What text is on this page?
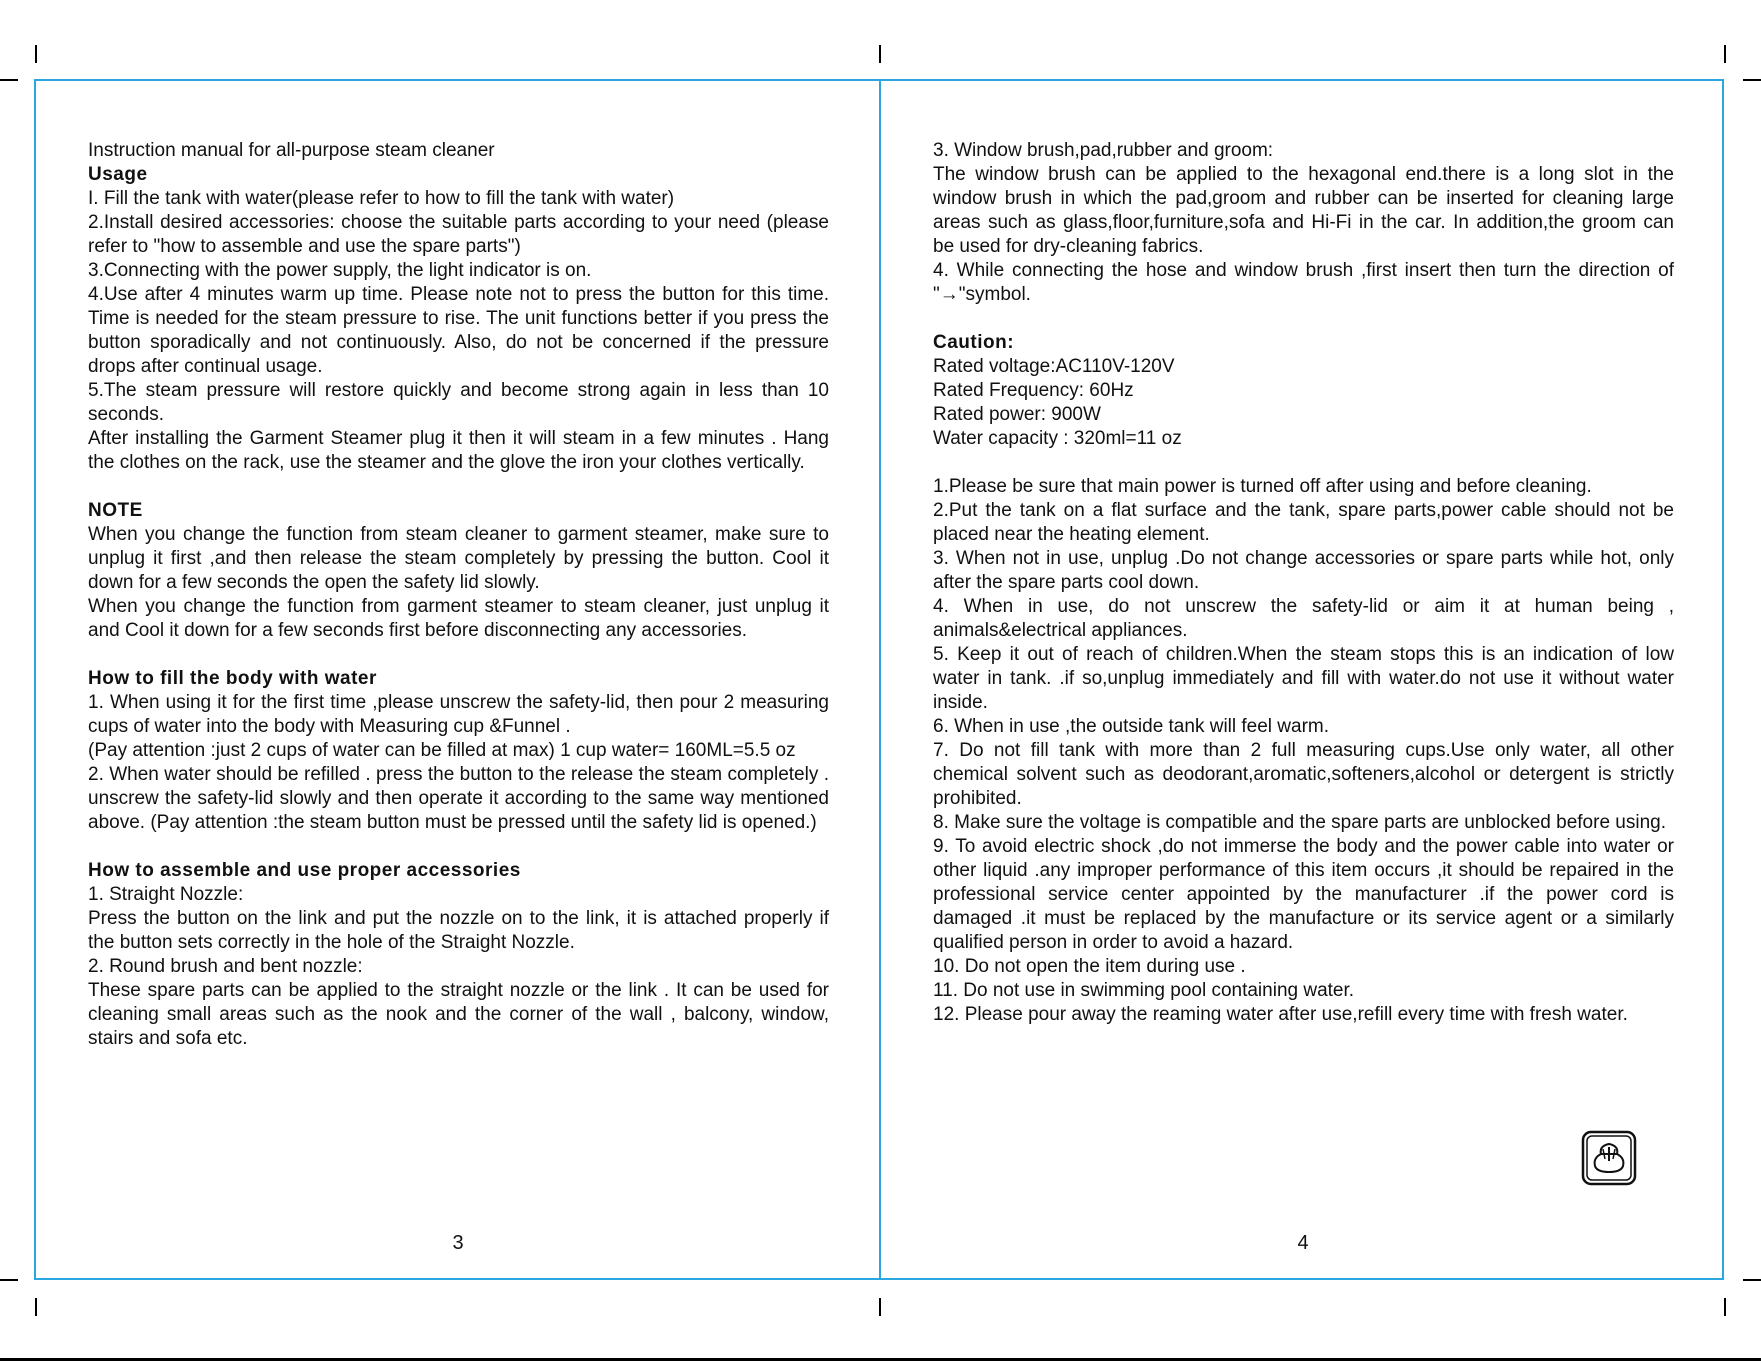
Instruction manual for all-purpose steam cleaner

Usage

I. Fill the tank with water(please refer to how to fill the tank with water)

2.Install desired accessories: choose the suitable parts according to your need (please refer to "how to assemble and use the spare parts")

3.Connecting with the power supply, the light indicator is on.

4.Use after 4 minutes warm up time. Please note not to press the button for this time. Time is needed for the steam pressure to rise. The unit functions better if you press the button sporadically and not continuously. Also, do not be concerned if the pressure drops after continual usage.

5.The steam pressure will restore quickly and become strong again in less than 10 seconds.

After installing the Garment Steamer plug it then it will steam in a few minutes . Hang the clothes on the rack, use the steamer and the glove the iron your clothes vertically.

NOTE

When you change the function from steam cleaner to garment steamer, make sure to unplug it first ,and then release the steam completely by pressing the button. Cool it down for a few seconds the open the safety lid slowly.

When you change the function from garment steamer to steam cleaner, just unplug it and Cool it down for a few seconds first before disconnecting any accessories.

How to fill the body with water

1. When using it for the first time ,please unscrew the safety-lid, then pour 2 measuring cups of water into the body with Measuring cup &Funnel .

(Pay attention :just 2 cups of water can be filled at max) 1 cup water= 160ML=5.5 oz

2. When water should be refilled . press the button to the release the steam completely . unscrew the safety-lid slowly and then operate it according to the same way mentioned above. (Pay attention :the steam button must be pressed until the safety lid is opened.)

How to assemble and use proper accessories

1. Straight Nozzle:

Press the button on the link and put the nozzle on to the link, it is attached properly if the button sets correctly in the hole of the Straight Nozzle.

2. Round brush and bent nozzle:

These spare parts can be applied to the straight nozzle or the link . It can be used for cleaning small areas such as the nook and the corner of the wall , balcony, window, stairs and sofa etc.

3

3. Window brush,pad,rubber and groom:

The window brush can be applied to the hexagonal end.there is a long slot in the window brush in which the pad,groom and rubber can be inserted for cleaning large areas such as glass,floor,furniture,sofa and Hi-Fi in the car. In addition,the groom can be used for dry-cleaning fabrics.

4. While connecting the hose and window brush ,first insert then turn the direction of "→"symbol.

Caution:

Rated voltage:AC110V-120V

Rated Frequency: 60Hz

Rated power: 900W

Water capacity : 320ml=11 oz

1.Please be sure that main power is turned off after using and before cleaning.

2.Put the tank on a flat surface and the tank, spare parts,power cable should not be placed near the heating element.

3. When not in use, unplug .Do not change accessories or spare parts while hot, only after the spare parts cool down.

4. When in use, do not unscrew the safety-lid or aim it at human being , animals&electrical appliances.

5. Keep it out of reach of children.When the steam stops this is an indication of low water in tank. .if so,unplug immediately and fill with water.do not use it without water inside.

6. When in use ,the outside tank will feel warm.

7. Do not fill tank with more than 2 full measuring cups.Use only water, all other chemical solvent such as deodorant,aromatic,softeners,alcohol or detergent is strictly prohibited.

8. Make sure the voltage is compatible and the spare parts are unblocked before using.

9. To avoid electric shock ,do not immerse the body and the power cable into water or other liquid .any improper performance of this item occurs ,it should be repaired in the professional service center appointed by the manufacturer .if the power cord is damaged .it must be replaced by the manufacture or its service agent or a similarly qualified person in order to avoid a hazard.

10. Do not open the item during use .

11. Do not use in swimming pool containing water.

12. Please pour away the reaming water after use,refill every time with fresh water.

4
